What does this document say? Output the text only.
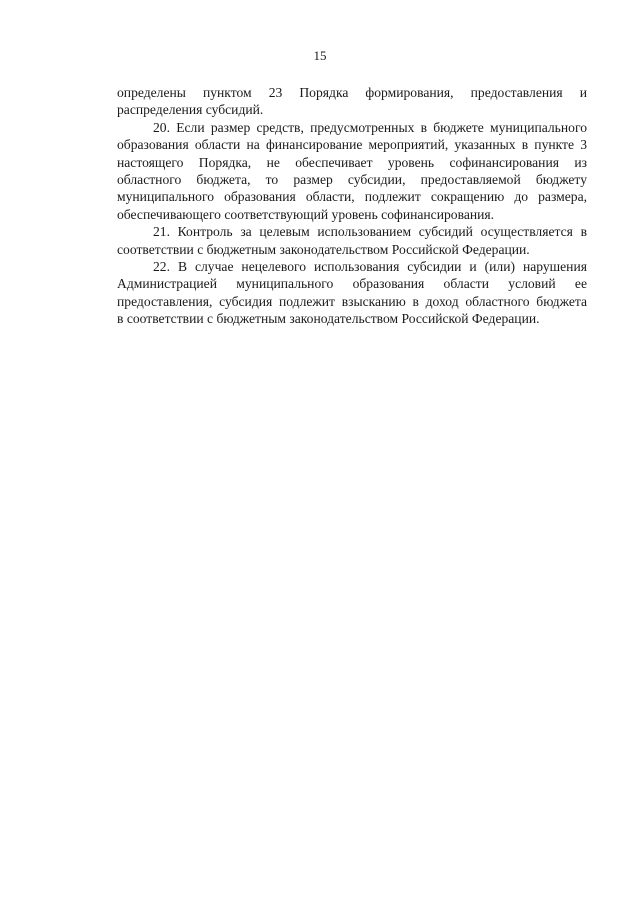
15

определены пунктом 23 Порядка формирования, предоставления и
распределения субсидий.

20. Если размер средств, предусмотренных в бюджете муниципального
образования области на финансирование мероприятий, указанных в пункте 3
настоящего Порядка, не обеспечивает уровень софинансирования из
областного бюджета, то размер субсидии, предоставляемой бюджету
муниципального образования области, подлежит сокращению до размера,
обеспечивающего соответствующий уровень софинансирования.

21. Контроль за целевым использованием субсидий осуществляется в
соответствии с бюджетным законодательством Российской Федерации.

22. В случае нецелевого использования субсидии и (или) нарушения
Администрацией муниципального образования области условий ее
предоставления, субсидия подлежит взысканию в доход областного бюджета
в соответствии с бюджетным законодательством Российской Федерации.
